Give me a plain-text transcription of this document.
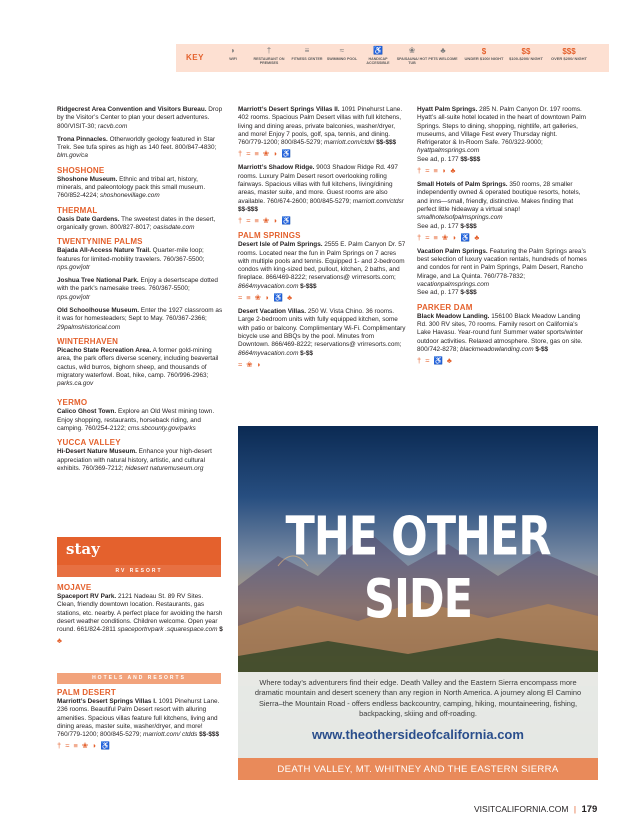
KEY
◗
WIFI
†
RESTAURANT ON PREMISES
≡
FITNESS CENTER
≈
SWIMMING POOL
♿
HANDICAP ACCESSIBLE
❀
SPA/SAUNA/ HOT TUB
♣
PETS WELCOME
$
UNDER $100/ NIGHT
$$
$100-$200/ NIGHT
$$$
OVER $200/ NIGHT

Ridgecrest Area Convention and Visitors Bureau. Drop by the Visitor’s Center to plan your desert adventures. 800/VISIT-30; racvb.com

Trona Pinnacles. Otherworldly geology featured in Star Trek. See tufa spires as high as 140 feet. 800/847-4830; blm.gov/ca

SHOSHONE

Shoshone Museum. Ethnic and tribal art, history, minerals, and paleontology pack this small museum. 760/852-4224; shoshonevillage.com

THERMAL

Oasis Date Gardens. The sweetest dates in the desert, organically grown. 800/827-8017; oasisdate.com

TWENTYNINE PALMS

Bajada All-Access Nature Trail. Quarter-mile loop; features for limited-mobility travelers. 760/367-5500; nps.gov/jotr

Joshua Tree National Park. Enjoy a desertscape dotted with the park’s namesake trees. 760/367-5500; nps.gov/jotr

Old Schoolhouse Museum. Enter the 1927 classroom as it was for homesteaders; Sept to May. 760/367-2366; 29palmshistorical.com

WINTERHAVEN

Picacho State Recreation Area. A former gold-mining area, the park offers diverse scenery, including beavertail cactus, wild burros, bighorn sheep, and thousands of migratory waterfowl. Boat, hike, camp. 760/996-2963; parks.ca.gov

YERMO

Calico Ghost Town. Explore an Old West mining town. Enjoy shopping, restaurants, horseback riding, and camping. 760/254-2122; cms.sbcounty.gov/parks

YUCCA VALLEY

Hi-Desert Nature Museum. Enhance your high-desert appreciation with natural history, artistic, and cultural exhibits. 760/369-7212; hidesert naturemuseum.org

stay
RV RESORT
MOJAVE

Spaceport RV Park. 2121 Nadeau St. 89 RV Sites. Clean, friendly downtown location. Restaurants, gas stations, etc. nearby. A perfect place for avoiding the harsh desert weather conditions. Children welcome. Open year round. 661/824-2811 spaceportrvpark .squarespace.com $

♣
HOTELS AND RESORTS
PALM DESERT

Marriott’s Desert Springs Villas I. 1091 Pinehurst Lane. 236 rooms. Beautiful Palm Desert resort with alluring amenities. Spacious villas feature full kitchens, living and dining areas, master suite, washer/dryer, and more! 760/779-1200; 800/845-5279; marriott.com/ ctdds $$-$$$

† ≈ ≡ ❀ ◗ ♿

Marriott’s Desert Springs Villas II. 1091 Pinehurst Lane. 402 rooms. Spacious Palm Desert villas with full kitchens, living and dining areas, private balconies, washer/dryer, and more! Enjoy 7 pools, golf, spa, tennis, and dining. 760/779-1200; 800/845-5279; marriott.com/ctdvi $$-$$$

† ≈ ≡ ❀ ◗ ♿

Marriott’s Shadow Ridge. 9003 Shadow Ridge Rd. 497 rooms. Luxury Palm Desert resort overlooking rolling fairways. Spacious villas with full kitchens, living/dining areas, master suite, and more. Guest rooms are also available. 760/674-2600; 800/845-5279; marriott.com/ctdsr $$-$$$

† ≈ ≡ ❀ ◗ ♿
PALM SPRINGS

Desert Isle of Palm Springs. 2555 E. Palm Canyon Dr. 57 rooms. Located near the fun in Palm Springs on 7 acres with multiple pools and tennis. Equipped 1- and 2-bedroom condos with king-sized bed, pullout, kitchen, 2 baths, and fireplace. 866/469-8222; reservations@ vrirresorts.com; 8664myvacation.com $-$$$

≈ ≡ ❀ ◗ ♿ ♣

Desert Vacation Villas. 250 W. Vista Chino. 36 rooms. Large 2-bedroom units with fully equipped kitchen, some with patio or balcony. Complimentary Wi-Fi. Complimentary bicycle use and BBQs by the pool. Minutes from Downtown. 866/469-8222; reservations@ vrirresorts.com; 8664myvacation.com $-$$

≈ ❀ ◗

Hyatt Palm Springs. 285 N. Palm Canyon Dr. 197 rooms. Hyatt’s all-suite hotel located in the heart of downtown Palm Springs. Steps to dining, shopping, nightlife, art galleries, museums, and Village Fest every Thursday night. Refrigerator & In-Room Safe. 760/322-9000; hyattpalmsprings.com
See ad, p. 177 $$-$$$

† ≈ ≡ ◗ ♣

Small Hotels of Palm Springs. 350 rooms, 28 smaller independently owned & operated boutique resorts, hotels, and inns—small, friendly, distinctive. Makes finding that perfect little hideaway a virtual snap! smallhotelsofpalmsprings.com
See ad, p. 177 $-$$$

† ≈ ≡ ❀ ◗ ♿ ♣

Vacation Palm Springs. Featuring the Palm Springs area’s best selection of luxury vacation rentals, hundreds of homes and condos for rent in Palm Springs, Palm Desert, Rancho Mirage, and La Quinta. 760/778-7832; vacationpalmsprings.com
See ad, p. 177 $-$$$

PARKER DAM

Black Meadow Landing. 156100 Black Meadow Landing Rd. 300 RV sites, 70 rooms. Family resort on California’s Lake Havasu. Year-round fun! Summer water sports/winter outdoor activities. Relaxed atmosphere. Store, gas on site. 800/742-8278; blackmeadowlanding.com $-$$

† ≈ ♿ ♣
THE OTHER SIDE
Where today’s adventurers find their edge. Death Valley and the Eastern Sierra encompass more dramatic mountain and desert scenery than any region in North America. A journey along El Camino Sierra–the Mountain Road - offers endless backcountry, camping, hiking, mountaineering, fishing, backpacking, skiing and off-roading.
www.theothersideofcalifornia.com
DEATH VALLEY, MT. WHITNEY AND THE EASTERN SIERRA
VISITCALIFORNIA.COM | 179
